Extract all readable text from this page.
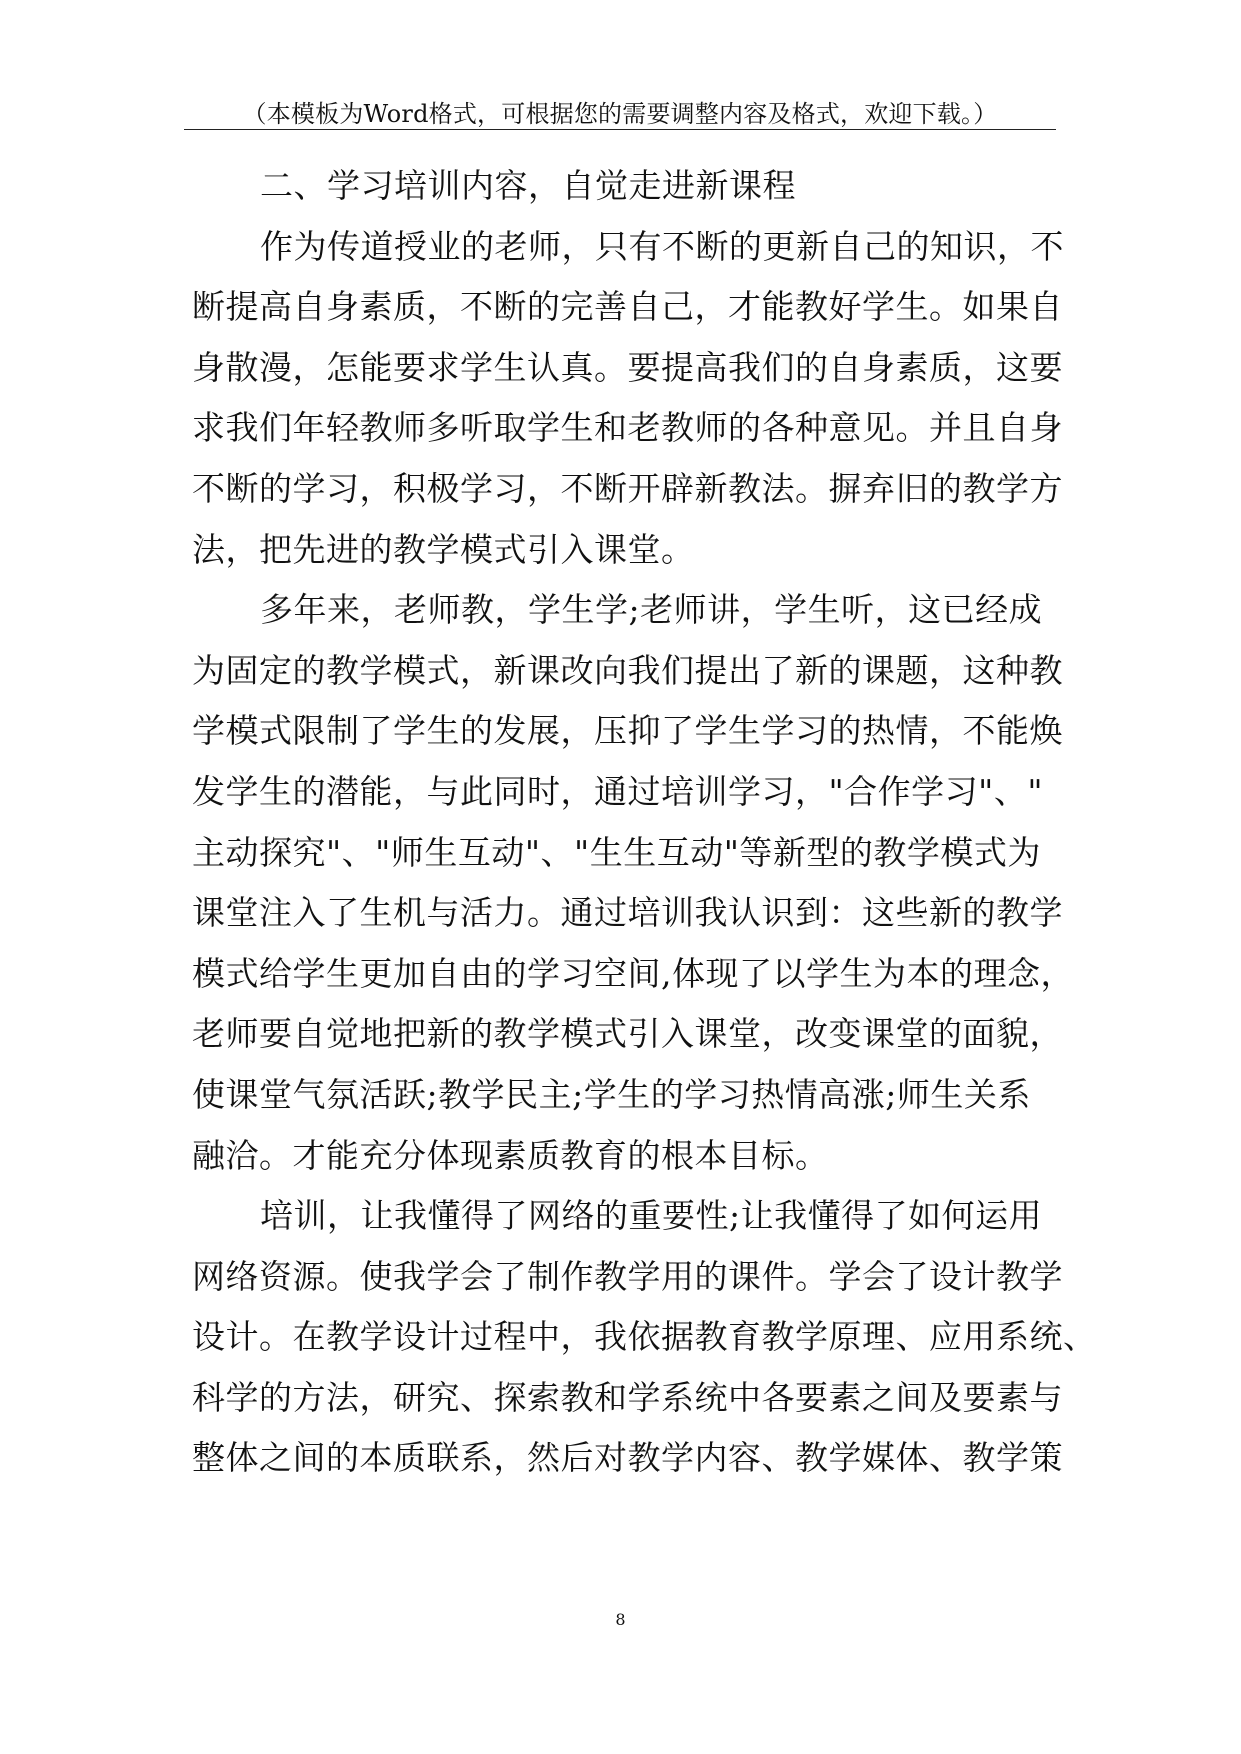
（本模板为Word格式，可根据您的需要调整内容及格式，欢迎下载。）
二、学习培训内容，自觉走进新课程
作为传道授业的老师，只有不断的更新自己的知识，不
断提高自身素质，不断的完善自己，才能教好学生。如果自
身散漫，怎能要求学生认真。要提高我们的自身素质，这要
求我们年轻教师多听取学生和老教师的各种意见。并且自身
不断的学习，积极学习，不断开辟新教法。摒弃旧的教学方
法，把先进的教学模式引入课堂。
多年来，老师教，学生学;老师讲，学生听，这已经成
为固定的教学模式，新课改向我们提出了新的课题，这种教
学模式限制了学生的发展，压抑了学生学习的热情，不能焕
发学生的潜能，与此同时，通过培训学习，"合作学习"、"
主动探究"、"师生互动"、"生生互动"等新型的教学模式为
课堂注入了生机与活力。通过培训我认识到：这些新的教学
模式给学生更加自由的学习空间,体现了以学生为本的理念，
老师要自觉地把新的教学模式引入课堂，改变课堂的面貌，
使课堂气氛活跃;教学民主;学生的学习热情高涨;师生关系
融洽。才能充分体现素质教育的根本目标。
培训，让我懂得了网络的重要性;让我懂得了如何运用
网络资源。使我学会了制作教学用的课件。学会了设计教学
设计。在教学设计过程中，我依据教育教学原理、应用系统、
科学的方法，研究、探索教和学系统中各要素之间及要素与
整体之间的本质联系，然后对教学内容、教学媒体、教学策
8
